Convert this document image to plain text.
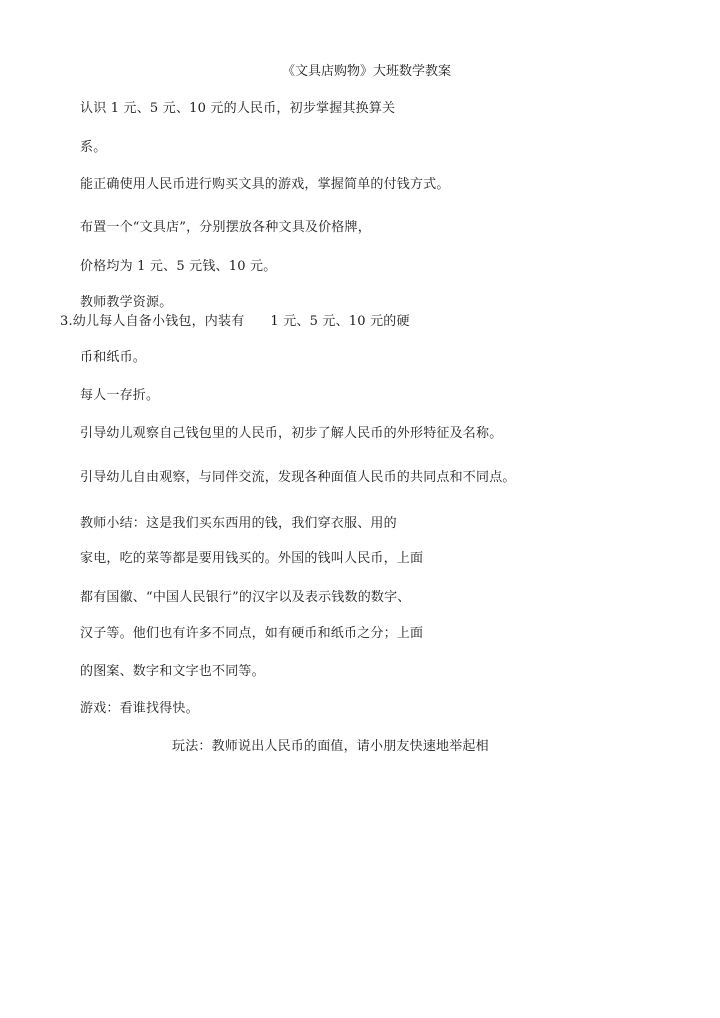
《文具店购物》大班数学教案
认识 1 元、5 元、10 元的人民币，初步掌握其换算关
系。
能正确使用人民币进行购买文具的游戏，掌握简单的付钱方式。
布置一个“文具店”，分别摆放各种文具及价格牌，
价格均为 1 元、5 元钱、10 元。
教师教学资源。
3.幼儿每人自备小钱包，内装有      1 元、5 元、10 元的硬
币和纸币。
每人一存折。
引导幼儿观察自己钱包里的人民币，初步了解人民币的外形特征及名称。
引导幼儿自由观察，与同伴交流，发现各种面值人民币的共同点和不同点。
教师小结：这是我们买东西用的钱，我们穿衣服、用的
家电，吃的菜等都是要用钱买的。外国的钱叫人民币，上面
都有国徽、“中国人民银行”的汉字以及表示钱数的数字、
汉子等。他们也有许多不同点，如有硬币和纸币之分；上面
的图案、数字和文字也不同等。
游戏：看谁找得快。
玩法：教师说出人民币的面值，请小朋友快速地举起相
